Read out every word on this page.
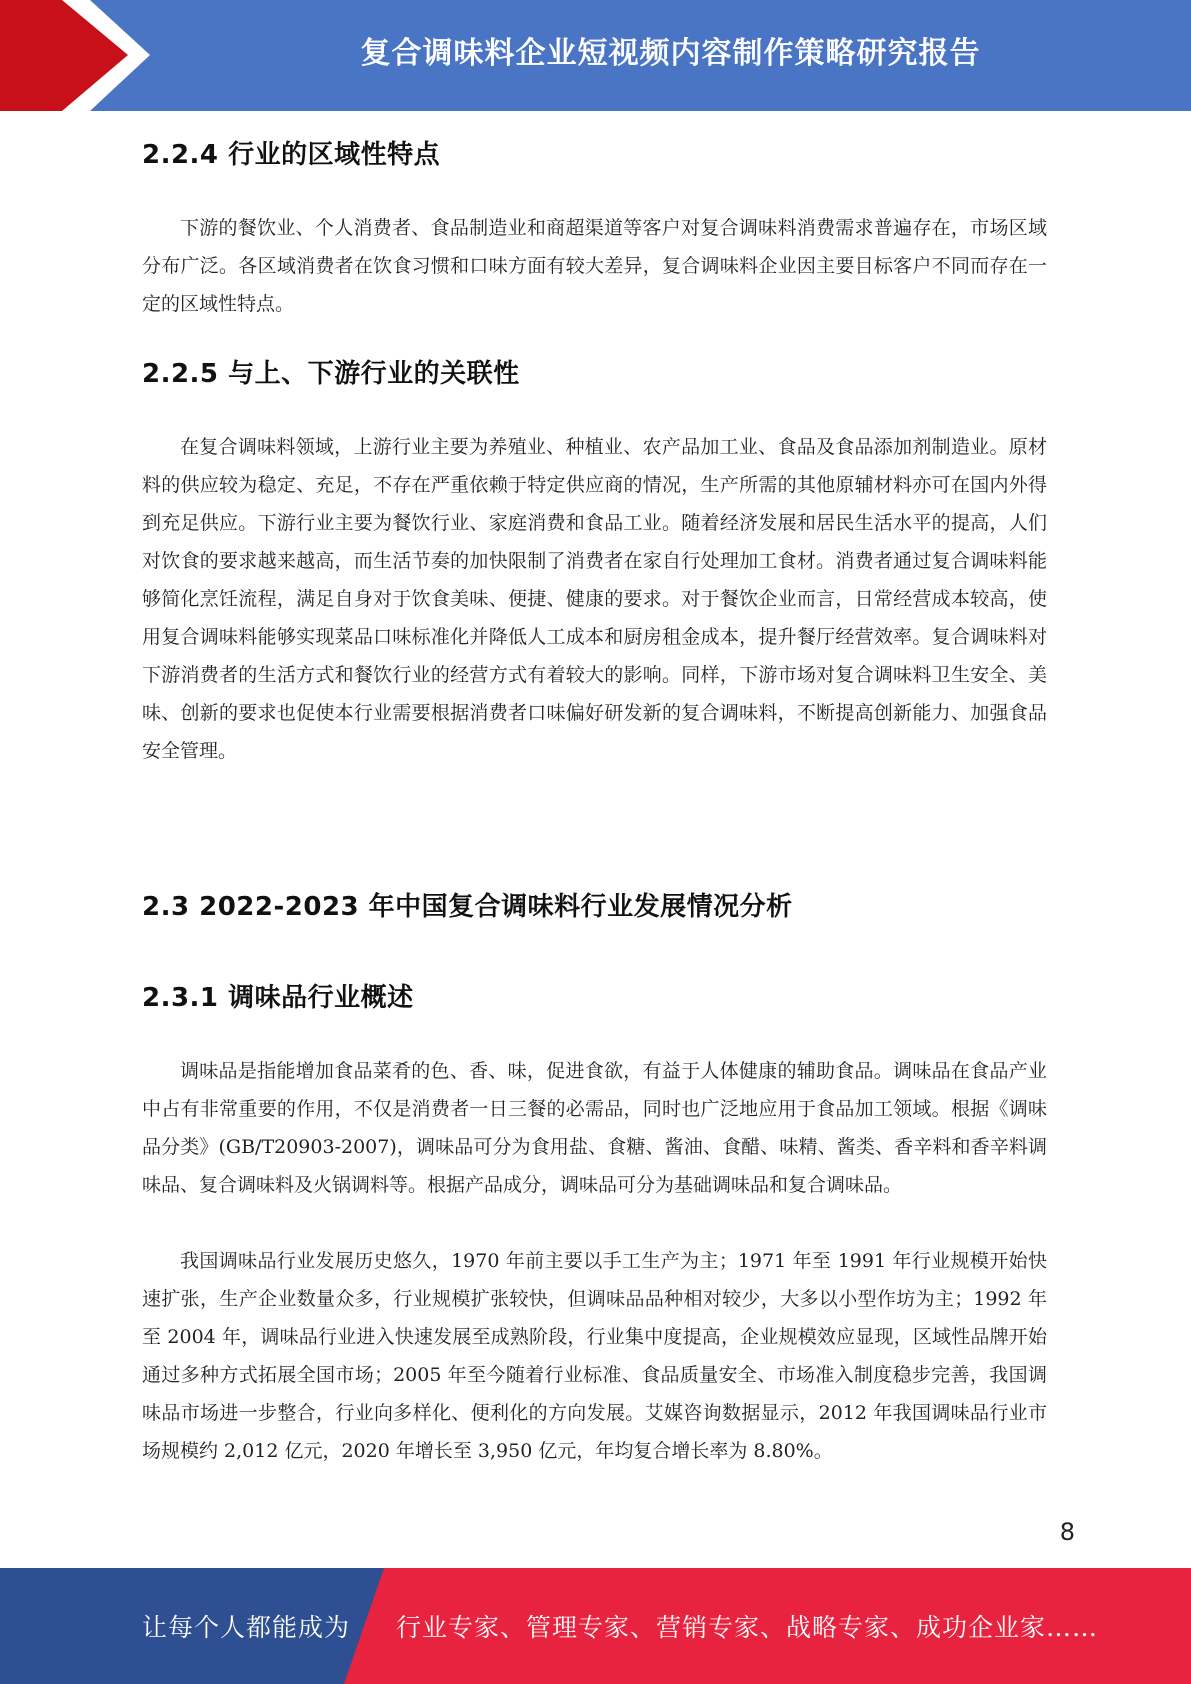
复合调味料企业短视频内容制作策略研究报告
2.2.4 行业的区域性特点

下游的餐饮业、个人消费者、食品制造业和商超渠道等客户对复合调味料消费需求普遍存在，市场区域分布广泛。各区域消费者在饮食习惯和口味方面有较大差异，复合调味料企业因主要目标客户不同而存在一定的区域性特点。

2.2.5 与上、下游行业的关联性

在复合调味料领域，上游行业主要为养殖业、种植业、农产品加工业、食品及食品添加剂制造业。原材料的供应较为稳定、充足，不存在严重依赖于特定供应商的情况，生产所需的其他原辅材料亦可在国内外得到充足供应。下游行业主要为餐饮行业、家庭消费和食品工业。随着经济发展和居民生活水平的提高，人们对饮食的要求越来越高，而生活节奏的加快限制了消费者在家自行处理加工食材。消费者通过复合调味料能够简化烹饪流程，满足自身对于饮食美味、便捷、健康的要求。对于餐饮企业而言，日常经营成本较高，使用复合调味料能够实现菜品口味标准化并降低人工成本和厨房租金成本，提升餐厅经营效率。复合调味料对下游消费者的生活方式和餐饮行业的经营方式有着较大的影响。同样，下游市场对复合调味料卫生安全、美味、创新的要求也促使本行业需要根据消费者口味偏好研发新的复合调味料，不断提高创新能力、加强食品安全管理。

2.3 2022-2023 年中国复合调味料行业发展情况分析
2.3.1 调味品行业概述

调味品是指能增加食品菜肴的色、香、味，促进食欲，有益于人体健康的辅助食品。调味品在食品产业中占有非常重要的作用，不仅是消费者一日三餐的必需品，同时也广泛地应用于食品加工领域。根据《调味品分类》(GB/T20903-2007)，调味品可分为食用盐、食糖、酱油、食醋、味精、酱类、香辛料和香辛料调味品、复合调味料及火锅调料等。根据产品成分，调味品可分为基础调味品和复合调味品。

我国调味品行业发展历史悠久，1970 年前主要以手工生产为主；1971 年至 1991 年行业规模开始快速扩张，生产企业数量众多，行业规模扩张较快，但调味品品种相对较少，大多以小型作坊为主；1992 年至 2004 年，调味品行业进入快速发展至成熟阶段，行业集中度提高，企业规模效应显现，区域性品牌开始通过多种方式拓展全国市场；2005 年至今随着行业标准、食品质量安全、市场准入制度稳步完善，我国调味品市场进一步整合，行业向多样化、便利化的方向发展。艾媒咨询数据显示，2012 年我国调味品行业市场规模约 2,012 亿元，2020 年增长至 3,950 亿元，年均复合增长率为 8.80%。

8
让每个人都能成为 行业专家、管理专家、营销专家、战略专家、成功企业家……
